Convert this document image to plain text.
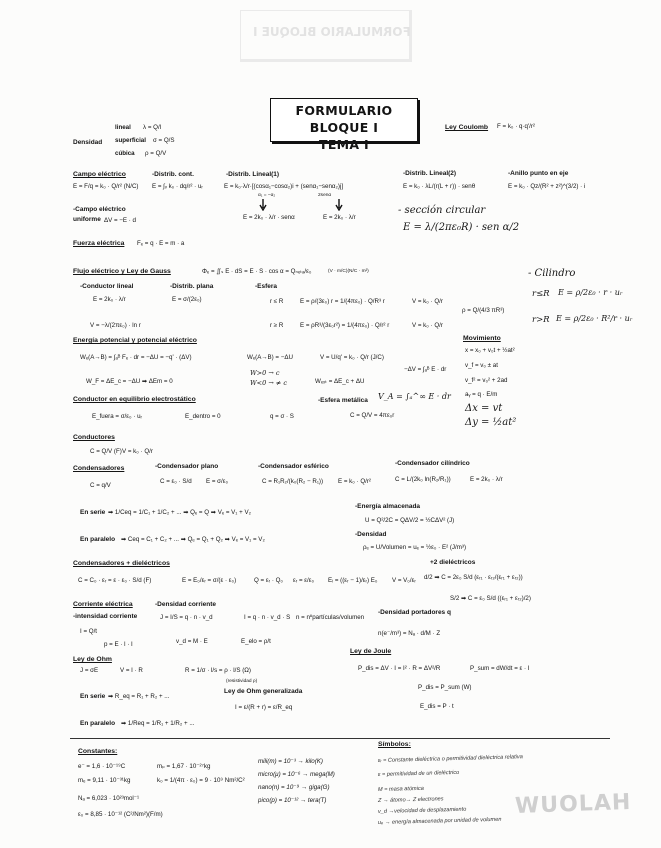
FORMULARIO BLOQUE I
FORMULARIO BLOQUE I
TEMA I
Ley Coulomb F = k₀ · q·q'/r²
Densidad
lineal λ = Q/l
superficial σ = Q/S
cúbica ρ = Q/V
Campo eléctrico
E = F/q = k₀ · Q/r² (N/C)
-Distrib. cont.
E = ∫ᵥ k₀ · dq/r² · uᵣ
-Distrib. Lineal(1)
E = k₀·λ/r·[(cosα₁−cosα₂)i + (senα₁−senα₂)j]
α₁ = −α₂	2senα
E = 2k₀ · λ/r · senα	E = 2k₀ · λ/r
-Distrib. Lineal(2)
E = k₀ · λL/(r(L + r)) · senθ
-Anillo punto en eje
E = k₀ · Qz/(R² + z²)^(3/2) · i
-Campo eléctrico
uniforme ΔV = −E · d
- sección circular
E = λ/(2πε₀R) · sen α/2
Fuerza eléctrica Fₑ = q · E = m · a
Flujo eléctrico y Ley de Gauss	Φₑ = ∬ₛ E · dS = E · S · cos α = Qₙₑₜₐ/ε₀	(V · m/C)(N/C · m²)
-Conductor lineal
E = 2k₀ · λ/r
V = −λ/(2πε₀) · ln r
-Distrib. plana
E = σ/(2ε₀)
-Esfera
r ≤ R	E = ρ/(3ε₀) r = 1/(4πε₀) · Q/R³ r	V = k₀ · Q/r
r ≥ R	E = ρR³/(3ε₀r²) = 1/(4πε₀) · Q/r² r	V = k₀ · Q/r
ρ = Q/(4/3 πR³)
- Cilindro
r≤R E = ρ/2ε₀ · r · uᵣ
r>R E = ρ/2ε₀ · R²/r · uᵣ
Energía potencial y potencial eléctrico
Wₑ(A→B) = ∫ₐᴮ Fₑ · dr = −ΔU = −q' · (ΔV)	Wₑ(A→B) = −ΔU	V = U/q' = k₀ · Q/r (J/C)
−ΔV = ∫ₐᴮ E · dr
W_F = ΔE_c = −ΔU ➡ ΔEm = 0
W>0 → c
W<0 → ≠ c	Wₑₓₜ = ΔE_c + ΔU
Movimiento
x = x₀ + v₀t + ½at²
v_f = v₀ ± at
v_f² = v₀² + 2ad
aᵧ = q · E/m
Δx = vt
Δy = ½at²
Conductor en equilibrio electrostático
E_fuera = σ/ε₀ · uᵣ	E_dentro = 0	q = σ · S
-Esfera metálica V_A = ∫ₐ^∞ E · dr
C = Q/V = 4πε₀r
Conductores
C = Q/V (F) V = k₀ · Q/r
Condensadores
C = q/V
-Condensador plano
C = ε₀ · S/d E = σ/ε₀
-Condensador esférico
C = R₁R₂/(k₀(R₂ − R₁)) E = k₀ · Q/r²
-Condensador cilíndrico
C = L/(2k₀ ln(R₂/R₁))	E = 2k₀ · λ/r
En serie ➡ 1/Ceq = 1/C₁ + 1/C₂ + ... ➡ Qₑ = Q ➡ Vₑ = V₁ + V₂
En paralelo ➡ Ceq = C₁ + C₂ + ... ➡ Qₑ = Q₁ + Q₂ ➡ Vₑ = V₁ = V₂
-Energía almacenada
U = Q²/2C = QΔV/2 = ½CΔV² (J)
-Densidad
ρₑ = U/Volumen = uₑ = ½ε₀ · E² (J/m³)
Condensadores + dieléctricos
C = C₀ · εᵣ = ε · ε₀ · S/d (F)	E = E₀/εᵣ = σ/(ε · ε₀)	Q = εᵣ · Q₀ εᵣ = ε/ε₀ Eᵢ = ((εᵣ − 1)/εᵣ) E₀ V = V₀/εᵣ
+2 dieléctricos
d/2 ➡ C = 2ε₀ S/d (εᵣ₁ · εᵣ₂/(εᵣ₁ + εᵣ₂))
S/2 ➡ C = ε₀ S/d ((εᵣ₁ + εᵣ₂)/2)
Corriente eléctrica	-Densidad corriente
J = I/S = q · n · v_d	I = q · n · v_d · S n = nºpartículas/volumen
-intensidad corriente
I = Q/t
p = E · l · I	v_d = M · E	E_elo = ρ/t
-Densidad portadores q
n(e⁻/m³) = Nₐ · d/M · Z
Ley de Ohm
J = σE	V = I · R	R = 1/σ · l/s = ρ · l/S (Ω)
(resistividad ρ)
En serie ➡ R_eq = R₁ + R₂ + ...
Ley de Ohm generalizada
I = ε/(R + r) = ε/R_eq
En paralelo ➡ 1/Req = 1/R₁ + 1/R₂ + ...
Ley de Joule
P_dis = ΔV · I = I² · R = ΔV²/R	P_sum = dW/dt = ε · I
P_dis = P_sum (W)
E_dis = P · t
Constantes:
e⁻ = 1,6 · 10⁻¹⁹C
mₑ = 9,11 · 10⁻³¹kg
Nₐ = 6,023 · 10²³mol⁻¹
ε₀ = 8,85 · 10⁻¹² (C²/Nm²)(F/m)
mₚ = 1,67 · 10⁻²⁷kg
k₀ = 1/(4π · ε₀) = 9 · 10⁹ Nm²/C²
mili(m) = 10⁻³ → kilo(K)
micro(μ) = 10⁻⁶ → mega(M)
nano(n) = 10⁻⁹ → giga(G)
pico(p) = 10⁻¹² → tera(T)
Símbolos:
εᵣ = Constante dieléctrica o permitividad dieléctrica relativa
ε = permitividad de un dieléctrico
M = masa atómica
Z → átomo→ Z electrones
v_d →velocidad de desplazamiento
uₑ → energía almacenada por unidad de volumen
WUOLAH
